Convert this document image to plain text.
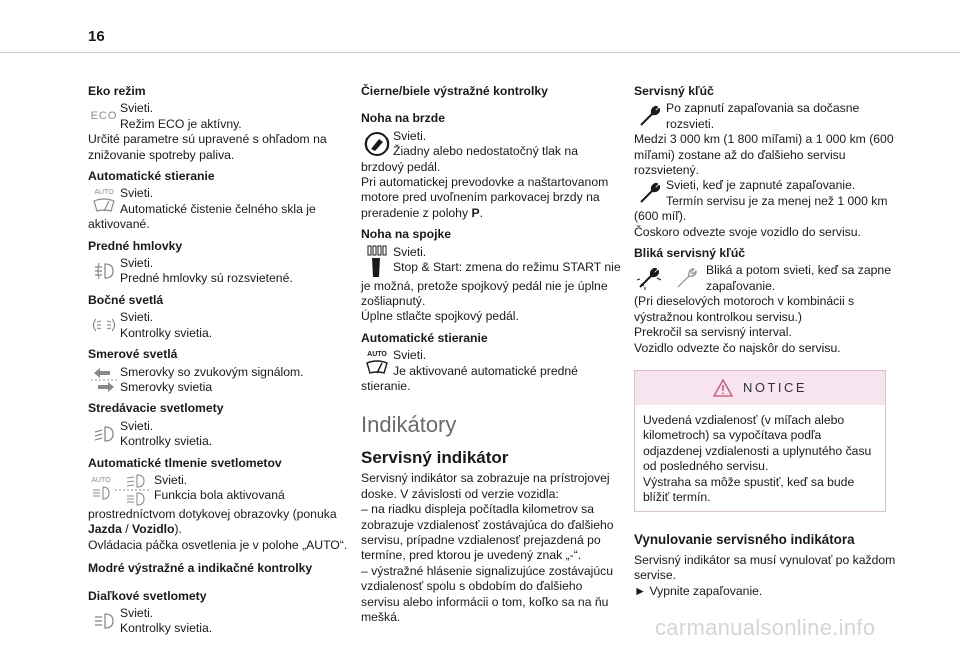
16
Eko režim
ECO

Svieti.

Režim ECO je aktívny.

Určité parametre sú upravené s ohľadom na znižovanie spotreby paliva.

Automatické stieranie
AUTO Svieti.

Automatické čistenie čelného skla je

aktivované.

Predné hmlovky

Svieti.

Predné hmlovky sú rozsvietené.

Bočné svetlá

Svieti.

Kontrolky svietia.

Smerové svetlá

Smerovky so zvukovým signálom.

Smerovky svietia

Stredávacie svetlomety

Svieti.

Kontrolky svietia.

Automatické tlmenie svetlometov
AUTO	Svieti.

Funkcia bola aktivovaná

prostredníctvom dotykovej obrazovky (ponuka

Jazda / Vozidlo).

Ovládacia páčka osvetlenia je v polohe „AUTO“.

Modré výstražné a indikačné kontrolky
Diaľkové svetlomety

Svieti.

Kontrolky svietia.

Čierne/biele výstražné kontrolky
Noha na brzde

Svieti.

Žiadny alebo nedostatočný tlak na

brzdový pedál.

Pri automatickej prevodovke a naštartovanom motore pred uvoľnením parkovacej brzdy na preradenie z polohy P.

Noha na spojke

Svieti.

Stop & Start: zmena do režimu START nie

je možná, pretože spojkový pedál nie je úplne zošliapnutý.

Úplne stlačte spojkový pedál.

Automatické stieranie
AUTO Svieti.

Je aktivované automatické predné

stieranie.

Indikátory
Servisný indikátor

Servisný indikátor sa zobrazuje na prístrojovej doske. V závislosti od verzie vozidla:

– na riadku displeja počítadla kilometrov sa zobrazuje vzdialenosť zostávajúca do ďalšieho servisu, prípadne vzdialenosť prejazdená po termíne, pred ktorou je uvedený znak „-“.

– výstražné hlásenie signalizujúce zostávajúcu vzdialenosť spolu s obdobím do ďalšieho servisu alebo informácii o tom, koľko sa na ňu mešká.

Servisný kľúč

Po zapnutí zapaľovania sa dočasne

rozsvieti.

Medzi 3 000 km (1 800 míľami) a 1 000 km (600 míľami) zostane až do ďalšieho servisu rozsvietený.

Svieti, keď je zapnuté zapaľovanie.

Termín servisu je za menej než 1 000 km

(600 míľ).

Čoskoro odvezte svoje vozidlo do servisu.

Bliká servisný kľúč

Bliká a potom svieti, keď sa zapne

zapaľovanie.

(Pri dieselových motoroch v kombinácii s výstražnou kontrolkou servisu.)

Prekročil sa servisný interval.

Vozidlo odvezte čo najskôr do servisu.

NOTICE

Uvedená vzdialenosť (v míľach alebo kilometroch) sa vypočítava podľa odjazdenej vzdialenosti a uplynutého času od posledného servisu.

Výstraha sa môže spustiť, keď sa bude blížiť termín.

Vynulovanie servisného indikátora

Servisný indikátor sa musí vynulovať po každom servise.

► Vypnite zapaľovanie.

carmanualsonline.info
